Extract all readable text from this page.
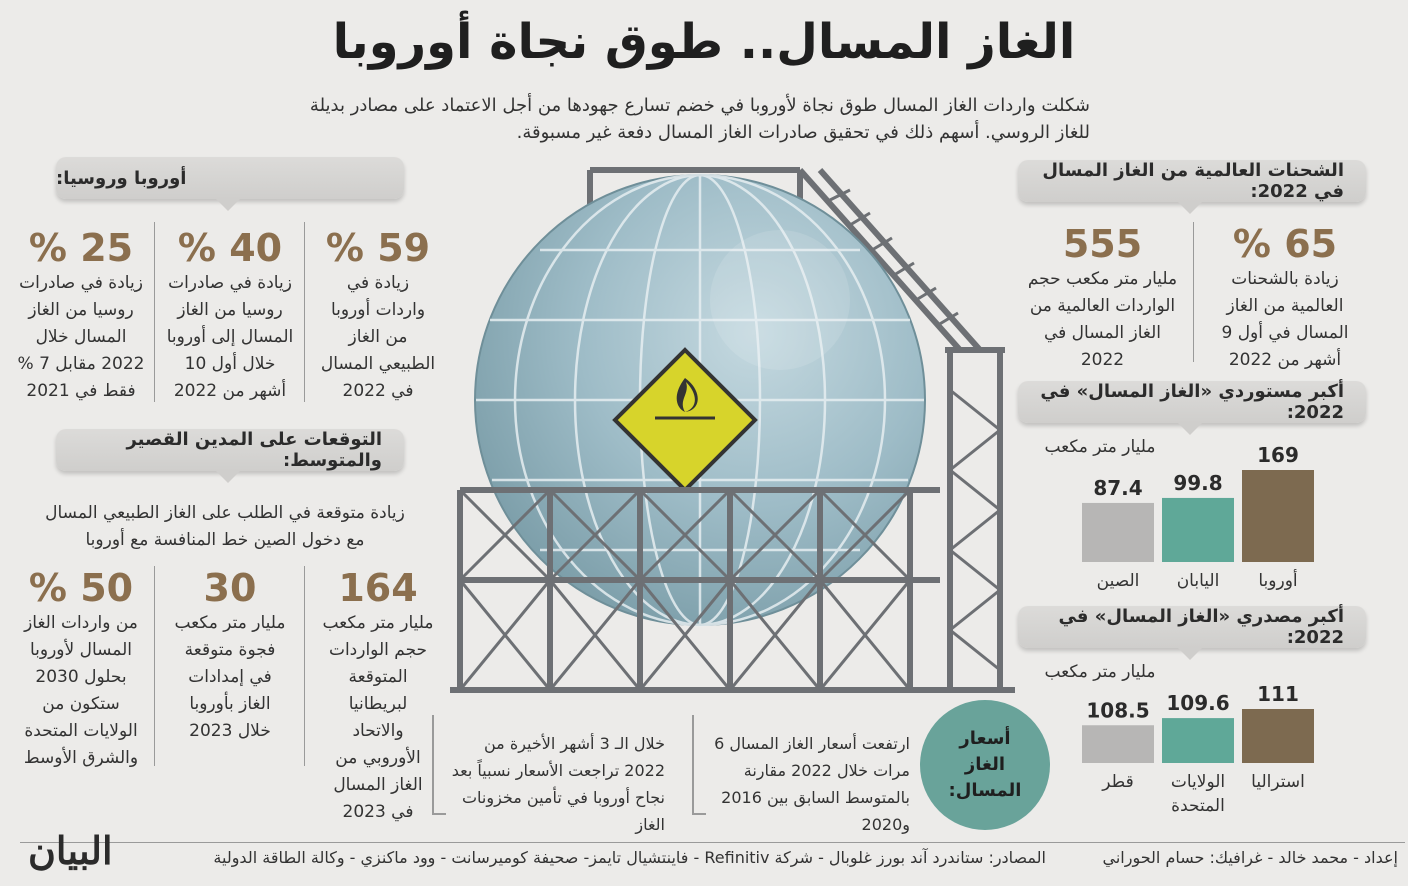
الغاز المسال.. طوق نجاة أوروبا
شكلت واردات الغاز المسال طوق نجاة لأوروبا في خضم تسارع جهودها من أجل الاعتماد على مصادر بديلة للغاز الروسي. أسهم ذلك في تحقيق صادرات الغاز المسال دفعة غير مسبوقة.
أوروبا وروسيا:
59 %
زيادة في واردات أوروبا من الغاز الطبيعي المسال في 2022
40 %
زيادة في صادرات روسيا من الغاز المسال إلى أوروبا خلال أول 10 أشهر من 2022
25 %
زيادة في صادرات روسيا من الغاز المسال خلال 2022 مقابل 7 % فقط في 2021
التوقعات على المدين القصير والمتوسط:
زيادة متوقعة في الطلب على الغاز الطبيعي المسال مع دخول الصين خط المنافسة مع أوروبا
164
مليار متر مكعب حجم الواردات المتوقعة لبريطانيا والاتحاد الأوروبي من الغاز المسال في 2023
30
مليار متر مكعب فجوة متوقعة في إمدادات الغاز بأوروبا خلال 2023
50 %
من واردات الغاز المسال لأوروبا بحلول 2030 ستكون من الولايات المتحدة والشرق الأوسط
خلال الـ 3 أشهر الأخيرة من 2022 تراجعت الأسعار نسبياً بعد نجاح أوروبا في تأمين مخزونات الغاز
ارتفعت أسعار الغاز المسال 6 مرات خلال 2022 مقارنة بالمتوسط السابق بين 2016 و2020
أسعار الغاز المسال:
الشحنات العالمية من الغاز المسال في 2022:
65 %
زيادة بالشحنات العالمية من الغاز المسال في أول 9 أشهر من 2022
555
مليار متر مكعب حجم الواردات العالمية من الغاز المسال في 2022
أكبر مستوردي «الغاز المسال» في 2022:
مليار متر مكعب	169
أوروبا
99.8
اليابان
87.4
الصين
أكبر مصدري «الغاز المسال» في 2022:
مليار متر مكعب
111
استراليا
109.6
الولايات
المتحدة
108.5
قطر
إعداد - محمد خالد - غرافيك: حسام الحوراني
المصادر: ستاندرد آند بورز غلوبال - شركة Refinitiv - فاينتشيال تايمز- صحيفة كوميرسانت - وود ماكنزي - وكالة الطاقة الدولية
البيان
